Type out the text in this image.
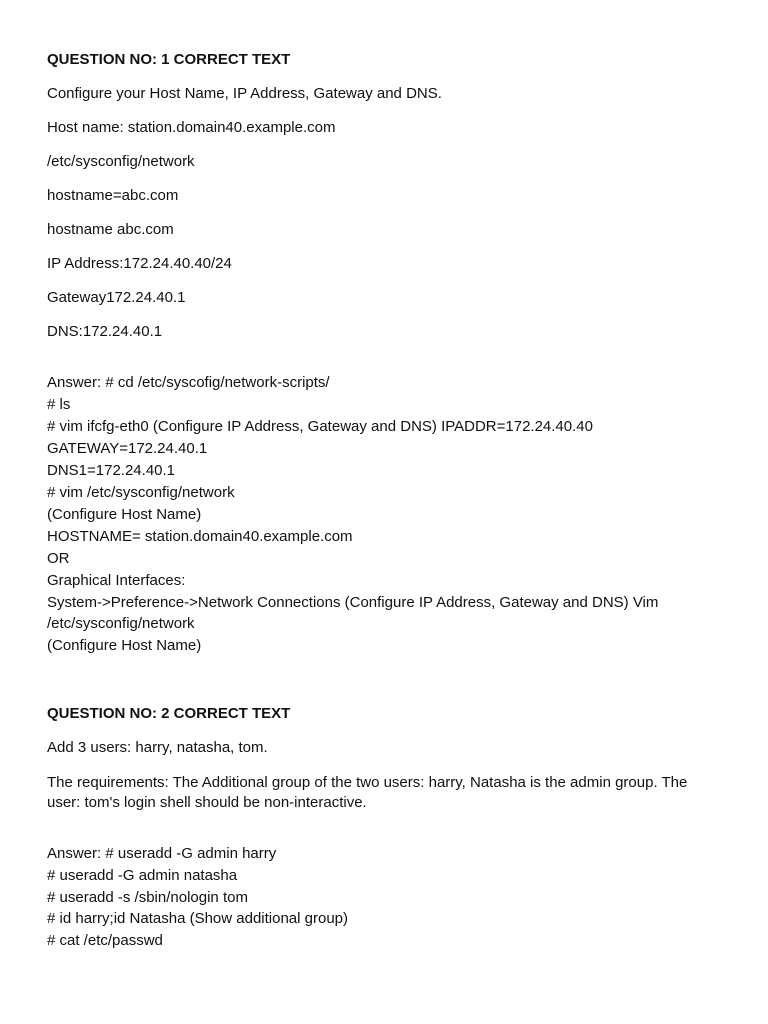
QUESTION NO: 1 CORRECT TEXT
Configure your Host Name, IP Address, Gateway and DNS.
Host name: station.domain40.example.com
/etc/sysconfig/network
hostname=abc.com
hostname abc.com
IP Address:172.24.40.40/24
Gateway172.24.40.1
DNS:172.24.40.1
Answer: # cd /etc/syscofig/network-scripts/
# ls
# vim ifcfg-eth0 (Configure IP Address, Gateway and DNS) IPADDR=172.24.40.40
GATEWAY=172.24.40.1
DNS1=172.24.40.1
# vim /etc/sysconfig/network
(Configure Host Name)
HOSTNAME= station.domain40.example.com
OR
Graphical Interfaces:
System->Preference->Network Connections (Configure IP Address, Gateway and DNS) Vim
/etc/sysconfig/network
(Configure Host Name)
QUESTION NO: 2 CORRECT TEXT
Add 3 users: harry, natasha, tom.
The requirements: The Additional group of the two users: harry, Natasha is the admin group. The user: tom's login shell should be non-interactive.
Answer: # useradd -G admin harry
# useradd -G admin natasha
# useradd -s /sbin/nologin tom
# id harry;id Natasha (Show additional group)
# cat /etc/passwd
